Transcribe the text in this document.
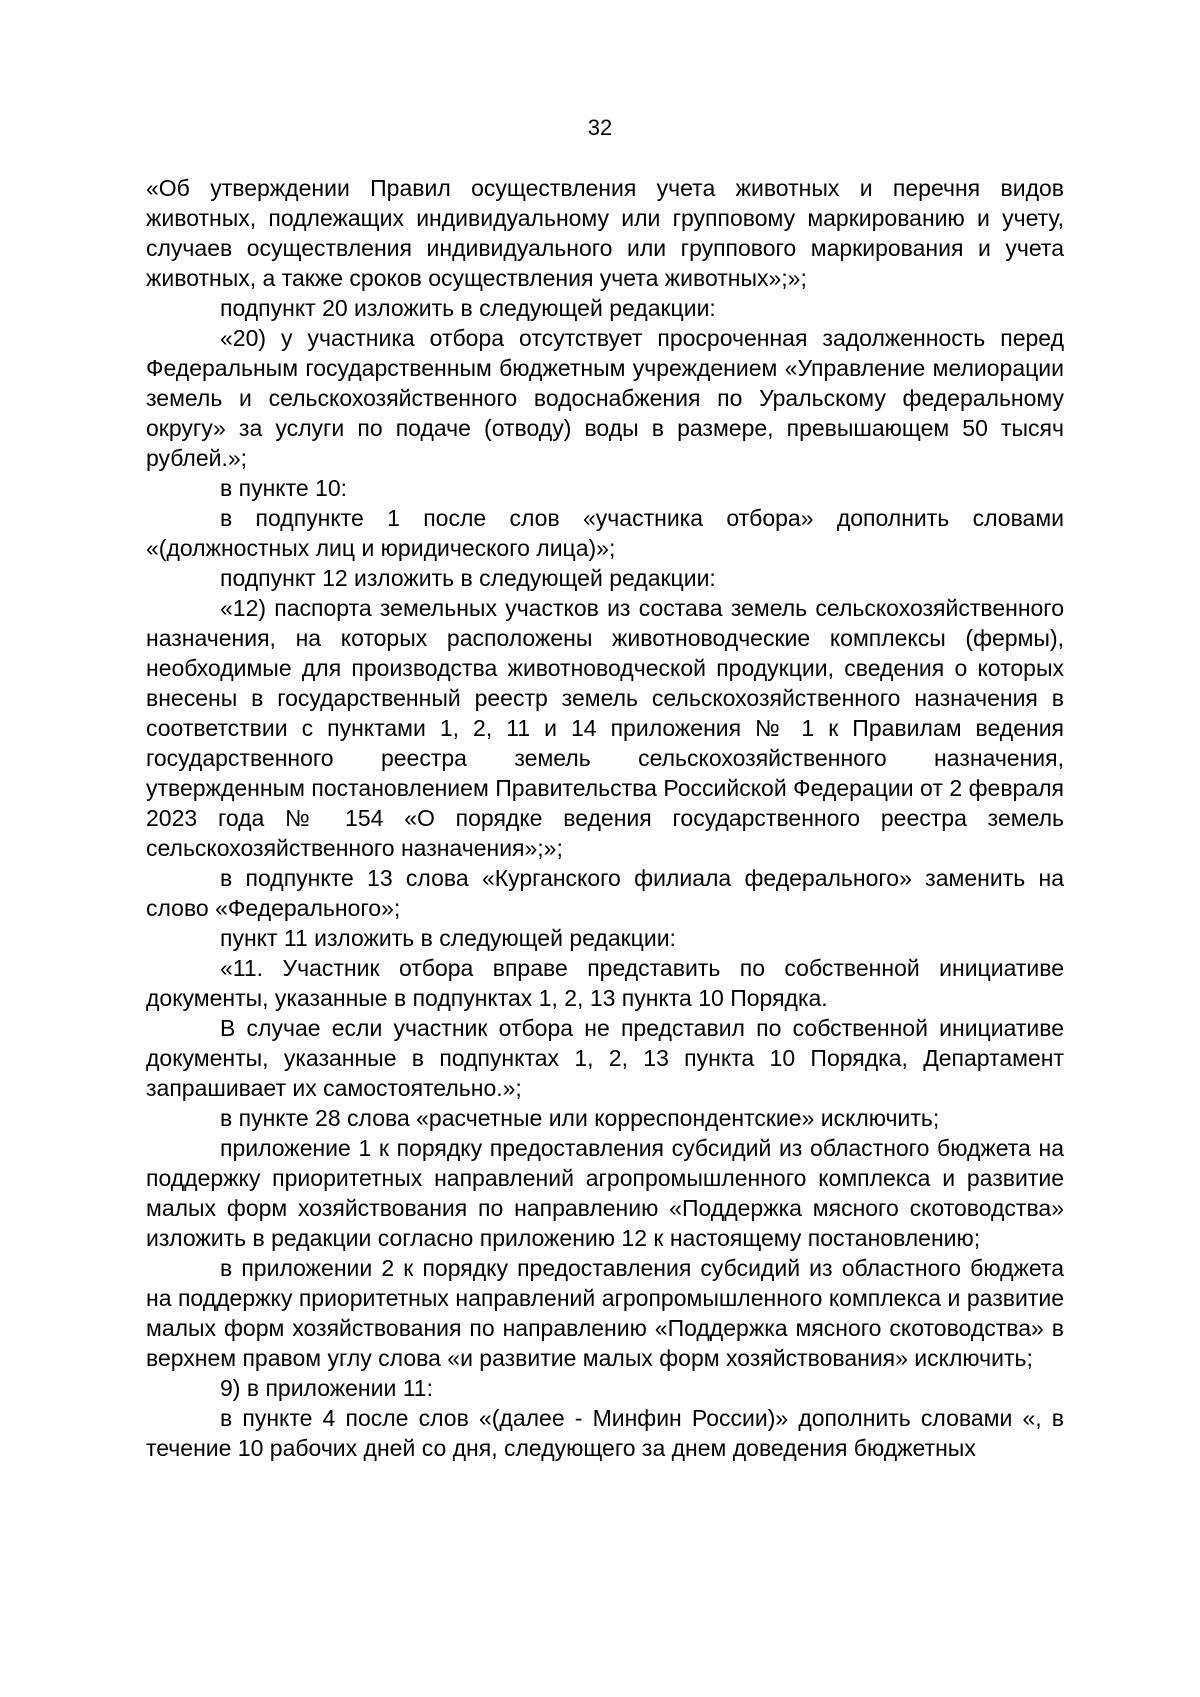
32

«Об утверждении Правил осуществления учета животных и перечня видов животных, подлежащих индивидуальному или групповому маркированию и учету, случаев осуществления индивидуального или группового маркирования и учета животных, а также сроков осуществления учета животных»;»;

подпункт 20 изложить в следующей редакции:

«20) у участника отбора отсутствует просроченная задолженность перед Федеральным государственным бюджетным учреждением «Управление мелиорации земель и сельскохозяйственного водоснабжения по Уральскому федеральному округу» за услуги по подаче (отводу) воды в размере, превышающем 50 тысяч рублей.»;

в пункте 10:

в подпункте 1 после слов «участника отбора» дополнить словами «(должностных лиц и юридического лица)»;

подпункт 12 изложить в следующей редакции:

«12) паспорта земельных участков из состава земель сельскохозяйственного назначения, на которых расположены животноводческие комплексы (фермы), необходимые для производства животноводческой продукции, сведения о которых внесены в государственный реестр земель сельскохозяйственного назначения в соответствии с пунктами 1, 2, 11 и 14 приложения № 1 к Правилам ведения государственного реестра земель сельскохозяйственного назначения, утвержденным постановлением Правительства Российской Федерации от 2 февраля 2023 года № 154 «О порядке ведения государственного реестра земель сельскохозяйственного назначения»;»;

в подпункте 13 слова «Курганского филиала федерального» заменить на слово «Федерального»;

пункт 11 изложить в следующей редакции:

«11. Участник отбора вправе представить по собственной инициативе документы, указанные в подпунктах 1, 2, 13 пункта 10 Порядка.

В случае если участник отбора не представил по собственной инициативе документы, указанные в подпунктах 1, 2, 13 пункта 10 Порядка, Департамент запрашивает их самостоятельно.»;

в пункте 28 слова «расчетные или корреспондентские» исключить;

приложение 1 к порядку предоставления субсидий из областного бюджета на поддержку приоритетных направлений агропромышленного комплекса и развитие малых форм хозяйствования по направлению «Поддержка мясного скотоводства» изложить в редакции согласно приложению 12 к настоящему постановлению;

в приложении 2 к порядку предоставления субсидий из областного бюджета на поддержку приоритетных направлений агропромышленного комплекса и развитие малых форм хозяйствования по направлению «Поддержка мясного скотоводства» в верхнем правом углу слова «и развитие малых форм хозяйствования» исключить;

9) в приложении 11:

в пункте 4 после слов «(далее - Минфин России)» дополнить словами «, в течение 10 рабочих дней со дня, следующего за днем доведения бюджетных
